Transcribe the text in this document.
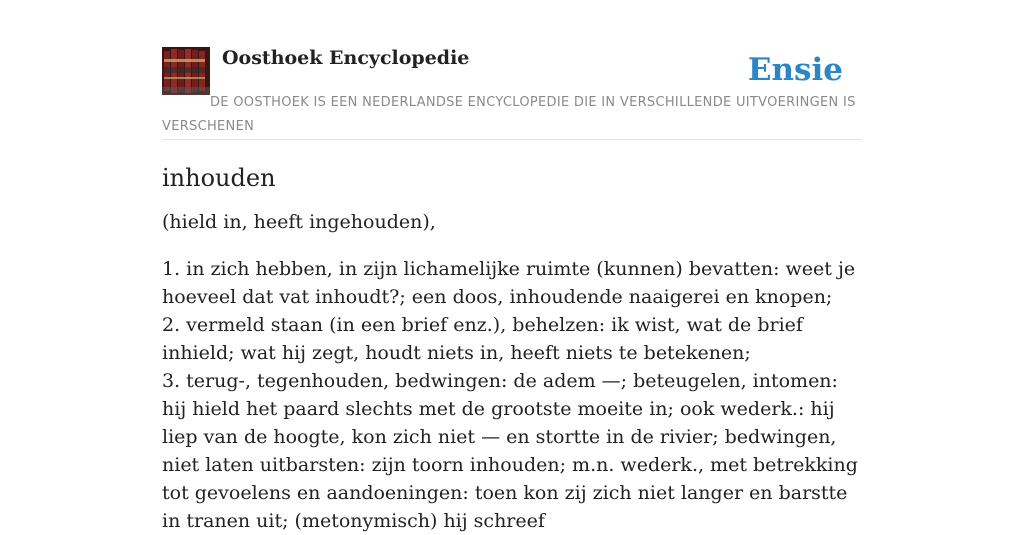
Oosthoek Encyclopedie	Ensie

DE OOSTHOEK IS EEN NEDERLANDSE ENCYCLOPEDIE DIE IN VERSCHILLENDE UITVOERINGEN IS VERSCHENEN

inhouden

(hield in, heeft ingehouden),

1. in zich hebben, in zijn lichamelijke ruimte (kunnen) bevatten: weet je hoeveel dat vat inhoudt?; een doos, inhoudende naaigerei en knopen;
2. vermeld staan (in een brief enz.), behelzen: ik wist, wat de brief inhield; wat hij zegt, houdt niets in, heeft niets te betekenen;
3. terug-, tegenhouden, bedwingen: de adem —; beteugelen, intomen: hij hield het paard slechts met de grootste moeite in; ook wederk.: hij liep van de hoogte, kon zich niet — en stortte in de rivier; bedwingen, niet laten uitbarsten: zijn toorn inhouden; m.n. wederk., met betrekking tot gevoelens en aandoeningen: toen kon zij zich niet langer en barstte in tranen uit; (metonymisch) hij schreef
